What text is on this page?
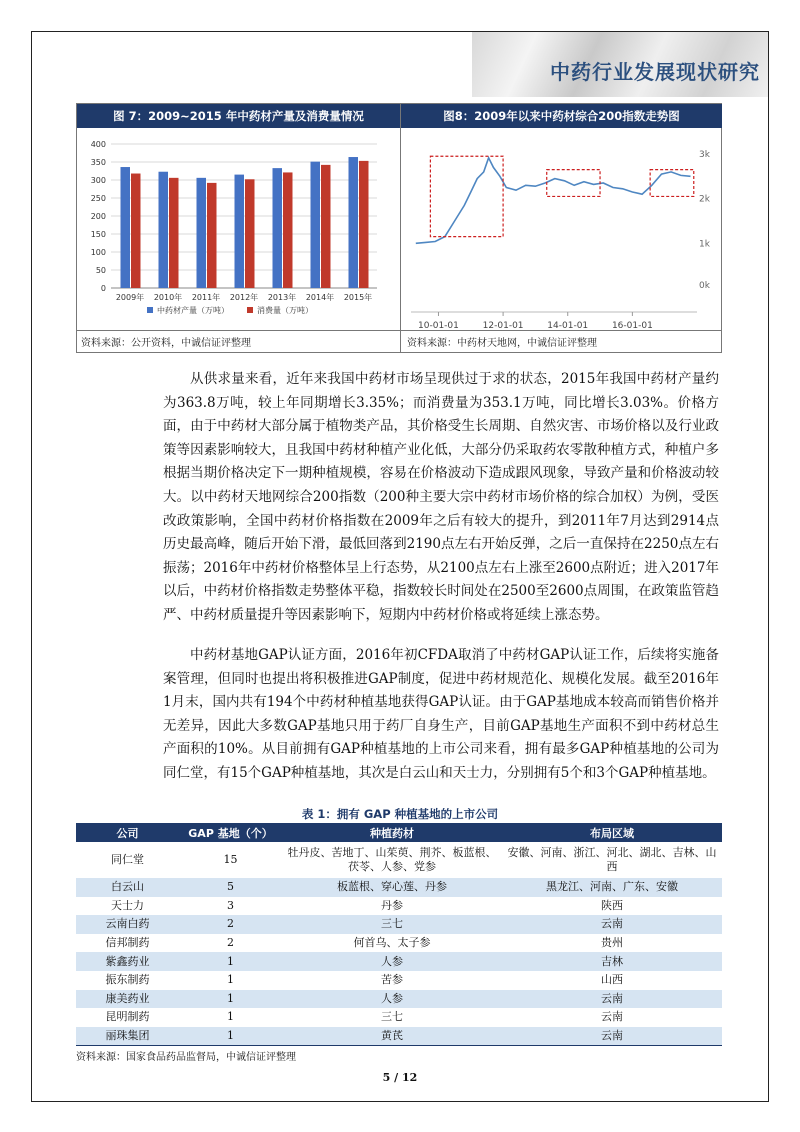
中药行业发展现状研究
图 7：2009~2015 年中药材产量及消费量情况	图8：2009年以来中药材综合200指数走势图
0
50
100
150
200
250
300
350
400
2009年 2010年 2011年 2012年 2013年 2014年 2015年
中药材产量（万吨）	消费量（万吨）
10-01-01	12-01-01	14-01-01	16-01-01
0k
1k
2k
3k
资料来源：公开资料，中诚信证评整理	资料来源：中药材天地网，中诚信证评整理

从供求量来看，近年来我国中药材市场呈现供过于求的状态，2015年我国中药材产量约为363.8万吨，较上年同期增长3.35%；而消费量为353.1万吨，同比增长3.03%。价格方面，由于中药材大部分属于植物类产品，其价格受生长周期、自然灾害、市场价格以及行业政策等因素影响较大，且我国中药材种植产业化低，大部分仍采取药农零散种植方式，种植户多根据当期价格决定下一期种植规模，容易在价格波动下造成跟风现象，导致产量和价格波动较大。以中药材天地网综合200指数（200种主要大宗中药材市场价格的综合加权）为例，受医改政策影响，全国中药材价格指数在2009年之后有较大的提升，到2011年7月达到2914点历史最高峰，随后开始下滑，最低回落到2190点左右开始反弹，之后一直保持在2250点左右振荡；2016年中药材价格整体呈上行态势，从2100点左右上涨至2600点附近；进入2017年以后，中药材价格指数走势整体平稳，指数较长时间处在2500至2600点周围，在政策监管趋严、中药材质量提升等因素影响下，短期内中药材价格或将延续上涨态势。

中药材基地GAP认证方面，2016年初CFDA取消了中药材GAP认证工作，后续将实施备案管理，但同时也提出将积极推进GAP制度，促进中药材规范化、规模化发展。截至2016年1月末，国内共有194个中药材种植基地获得GAP认证。由于GAP基地成本较高而销售价格并无差异，因此大多数GAP基地只用于药厂自身生产，目前GAP基地生产面积不到中药材总生产面积的10%。从目前拥有GAP种植基地的上市公司来看，拥有最多GAP种植基地的公司为同仁堂，有15个GAP种植基地，其次是白云山和天士力，分别拥有5个和3个GAP种植基地。

表 1：拥有 GAP 种植基地的上市公司
公司	GAP 基地（个）	种植药材	布局区域
同仁堂	15	牡丹皮、苦地丁、山茱萸、荆芥、板蓝根、茯苓、人参、党参	安徽、河南、浙江、河北、湖北、吉林、山西
白云山	5	板蓝根、穿心莲、丹参	黑龙江、河南、广东、安徽
天士力	3	丹参	陕西
云南白药	2	三七	云南
信邦制药	2	何首乌、太子参	贵州
紫鑫药业	1	人参	吉林
振东制药	1	苦参	山西
康美药业	1	人参	云南
昆明制药	1	三七	云南
丽珠集团	1	黄芪	云南
资料来源：国家食品药品监督局，中诚信证评整理
5 / 12
